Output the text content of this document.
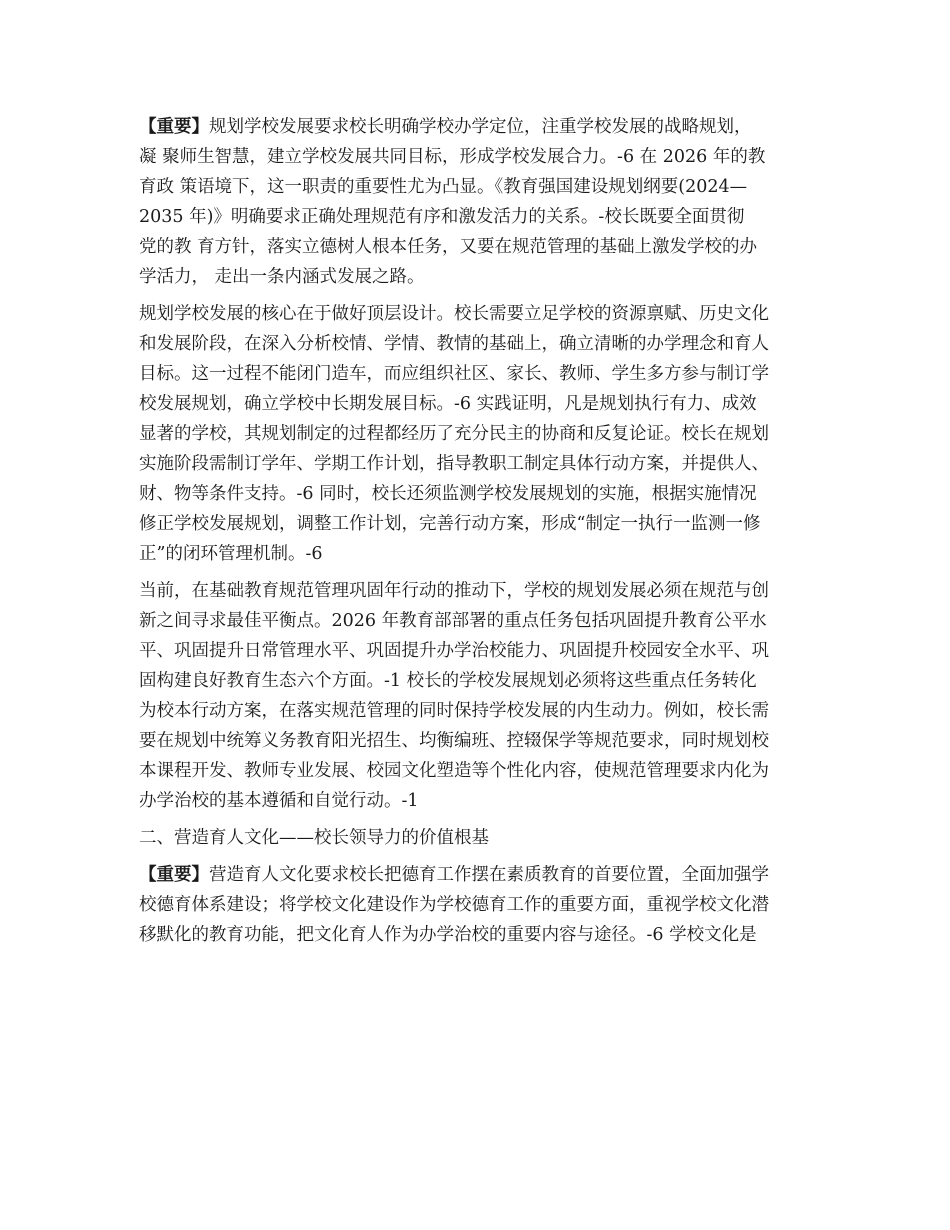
【重要】规划学校发展要求校长明确学校办学定位，注重学校发展的战略规划，
凝 聚师生智慧，建立学校发展共同目标，形成学校发展合力。-6 在 2026 年的教
育政 策语境下，这一职责的重要性尤为凸显。《教育强国建设规划纲要(2024—
2035 年)》明确要求正确处理规范有序和激发活力的关系。-校长既要全面贯彻
党的教 育方针，落实立德树人根本任务，又要在规范管理的基础上激发学校的办
学活力， 走出一条内涵式发展之路。
规划学校发展的核心在于做好顶层设计。校长需要立足学校的资源禀赋、历史文化
和发展阶段，在深入分析校情、学情、教情的基础上，确立清晰的办学理念和育人
目标。这一过程不能闭门造车，而应组织社区、家长、教师、学生多方参与制订学
校发展规划，确立学校中长期发展目标。-6 实践证明，凡是规划执行有力、成效
显著的学校，其规划制定的过程都经历了充分民主的协商和反复论证。校长在规划
实施阶段需制订学年、学期工作计划，指导教职工制定具体行动方案，并提供人、
财、物等条件支持。-6 同时，校长还须监测学校发展规划的实施，根据实施情况
修正学校发展规划，调整工作计划，完善行动方案，形成“制定一执行一监测一修
正”的闭环管理机制。-6
当前，在基础教育规范管理巩固年行动的推动下，学校的规划发展必须在规范与创
新之间寻求最佳平衡点。2026 年教育部部署的重点任务包括巩固提升教育公平水
平、巩固提升日常管理水平、巩固提升办学治校能力、巩固提升校园安全水平、巩
固构建良好教育生态六个方面。-1 校长的学校发展规划必须将这些重点任务转化
为校本行动方案，在落实规范管理的同时保持学校发展的内生动力。例如，校长需
要在规划中统筹义务教育阳光招生、均衡编班、控辍保学等规范要求，同时规划校
本课程开发、教师专业发展、校园文化塑造等个性化内容，使规范管理要求内化为
办学治校的基本遵循和自觉行动。-1
二、营造育人文化——校长领导力的价值根基
【重要】营造育人文化要求校长把德育工作摆在素质教育的首要位置，全面加强学
校德育体系建设；将学校文化建设作为学校德育工作的重要方面，重视学校文化潜
移默化的教育功能，把文化育人作为办学治校的重要内容与途径。-6 学校文化是
